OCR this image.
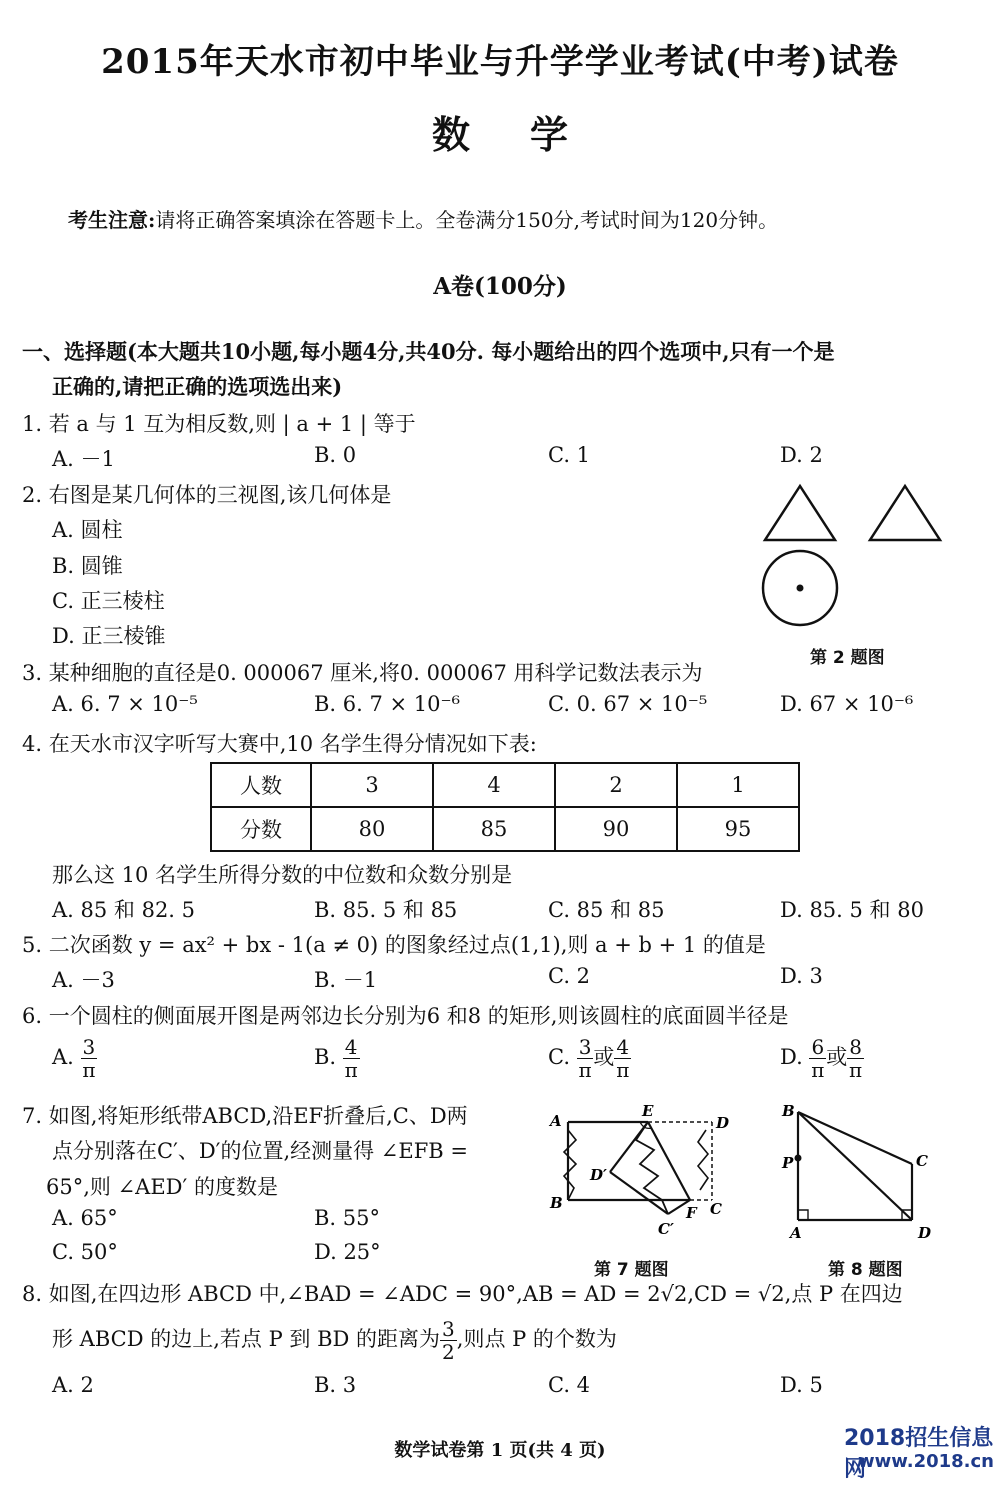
2015年天水市初中毕业与升学学业考试(中考)试卷
数学
考生注意:请将正确答案填涂在答题卡上。全卷满分150分,考试时间为120分钟。
A卷(100分)
一、选择题(本大题共10小题,每小题4分,共40分. 每小题给出的四个选项中,只有一个是
正确的,请把正确的选项选出来)
1. 若 a 与 1 互为相反数,则 | a + 1 | 等于
A. －1	B. 0	C. 1	D. 2
2. 右图是某几何体的三视图,该几何体是
A. 圆柱
B. 圆锥
C. 正三棱柱
D. 正三棱锥
第 2 题图
3. 某种细胞的直径是0. 000067 厘米,将0. 000067 用科学记数法表示为
A. 6. 7 × 10⁻⁵	B. 6. 7 × 10⁻⁶	C. 0. 67 × 10⁻⁵	D. 67 × 10⁻⁶
4. 在天水市汉字听写大赛中,10 名学生得分情况如下表:
人数	3	4	2	1
分数	80	85	90	95
那么这 10 名学生所得分数的中位数和众数分别是
A. 85 和 82. 5	B. 85. 5 和 85	C. 85 和 85	D. 85. 5 和 80
5. 二次函数 y = ax² + bx - 1(a ≠ 0) 的图象经过点(1,1),则 a + b + 1 的值是
A. －3	B. －1	C. 2	D. 3
6. 一个圆柱的侧面展开图是两邻边长分别为6 和8 的矩形,则该圆柱的底面圆半径是
A. $\frac{3}{\pi}$	B. $\frac{4}{\pi}$	C. $\frac{3}{\pi}$ 或 $\frac{4}{\pi}$	D. $\frac{6}{\pi}$ 或 $\frac{8}{\pi}$
7. 如图,将矩形纸带ABCD,沿EF折叠后,C、D两
点分别落在C′、D′的位置,经测量得 ∠EFB =
65°,则 ∠AED′ 的度数是
A. 65°	B. 55°
C. 50°	D. 25°
A
E
D
D′
B
F C
C′
第 7 题图
B
C
P
A	D
第 8 题图
8. 如图,在四边形 ABCD 中,∠BAD = ∠ADC = 90°,AB = AD = 2√2,CD = √2,点 P 在四边
形 ABCD 的边上,若点 P 到 BD 的距离为 $\frac{3}{2}$ ,则点 P 的个数为
A. 2	B. 3	C. 4	D. 5
数学试卷第 1 页(共 4 页)	2018招生信息网
www.2018.cn
